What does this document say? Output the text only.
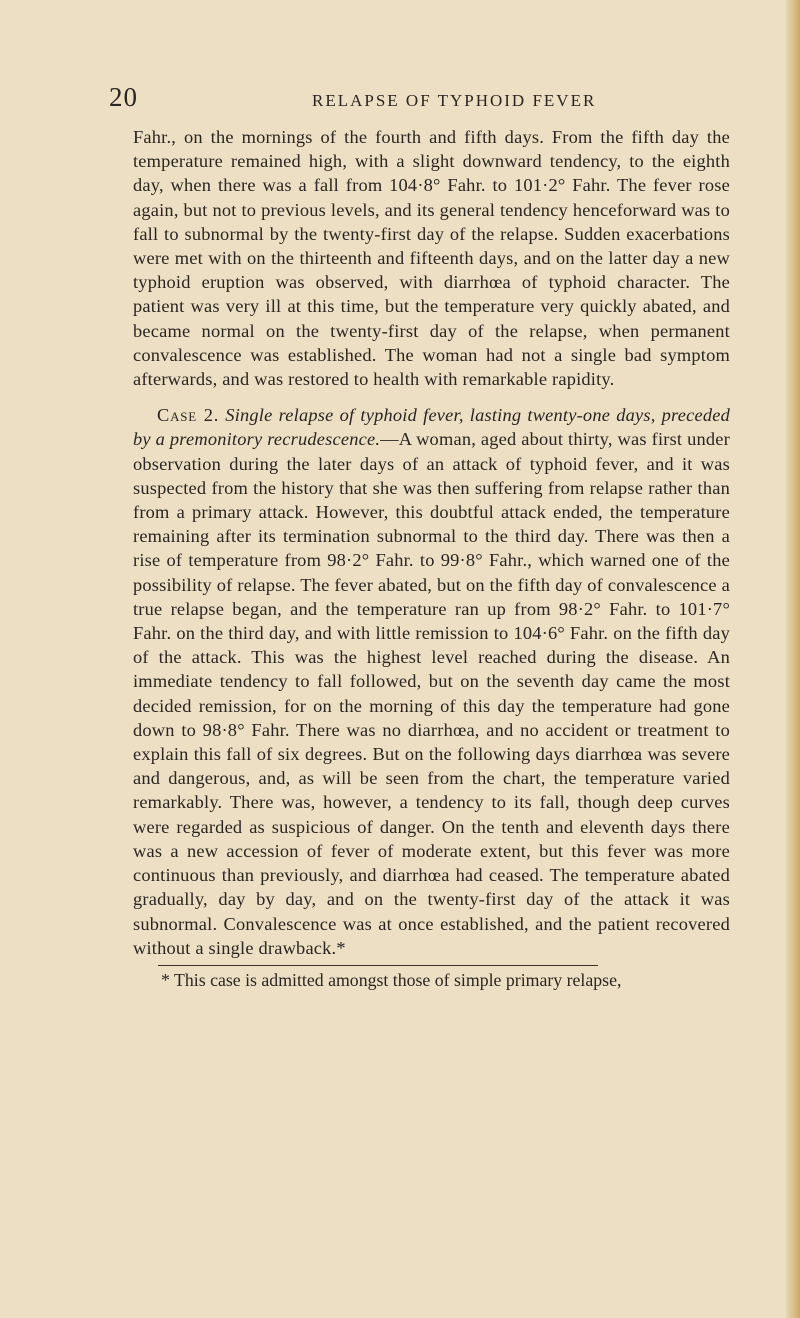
20	RELAPSE OF TYPHOID FEVER

Fahr., on the mornings of the fourth and fifth days. From the fifth day the temperature remained high, with a slight downward tendency, to the eighth day, when there was a fall from 104·8° Fahr. to 101·2° Fahr. The fever rose again, but not to previous levels, and its general tendency henceforward was to fall to subnormal by the twenty-first day of the relapse. Sudden exacerbations were met with on the thirteenth and fifteenth days, and on the latter day a new typhoid eruption was observed, with diarrhœa of typhoid character. The patient was very ill at this time, but the temperature very quickly abated, and became normal on the twenty-first day of the relapse, when permanent convalescence was established. The woman had not a single bad symptom afterwards, and was restored to health with remarkable rapidity.

Case 2. Single relapse of typhoid fever, lasting twenty-one days, preceded by a premonitory recrudescence.—A woman, aged about thirty, was first under observation during the later days of an attack of typhoid fever, and it was suspected from the history that she was then suffering from relapse rather than from a primary attack. However, this doubtful attack ended, the temperature remaining after its termination subnormal to the third day. There was then a rise of temperature from 98·2° Fahr. to 99·8° Fahr., which warned one of the possibility of relapse. The fever abated, but on the fifth day of convalescence a true relapse began, and the temperature ran up from 98·2° Fahr. to 101·7° Fahr. on the third day, and with little remission to 104·6° Fahr. on the fifth day of the attack. This was the highest level reached during the disease. An immediate tendency to fall followed, but on the seventh day came the most decided remission, for on the morning of this day the temperature had gone down to 98·8° Fahr. There was no diarrhœa, and no accident or treatment to explain this fall of six degrees. But on the following days diarrhœa was severe and dangerous, and, as will be seen from the chart, the temperature varied remarkably. There was, however, a tendency to its fall, though deep curves were regarded as suspicious of danger. On the tenth and eleventh days there was a new accession of fever of moderate extent, but this fever was more continuous than previously, and diarrhœa had ceased. The temperature abated gradually, day by day, and on the twenty-first day of the attack it was subnormal. Convalescence was at once established, and the patient recovered without a single drawback.*

* This case is admitted amongst those of simple primary relapse,
